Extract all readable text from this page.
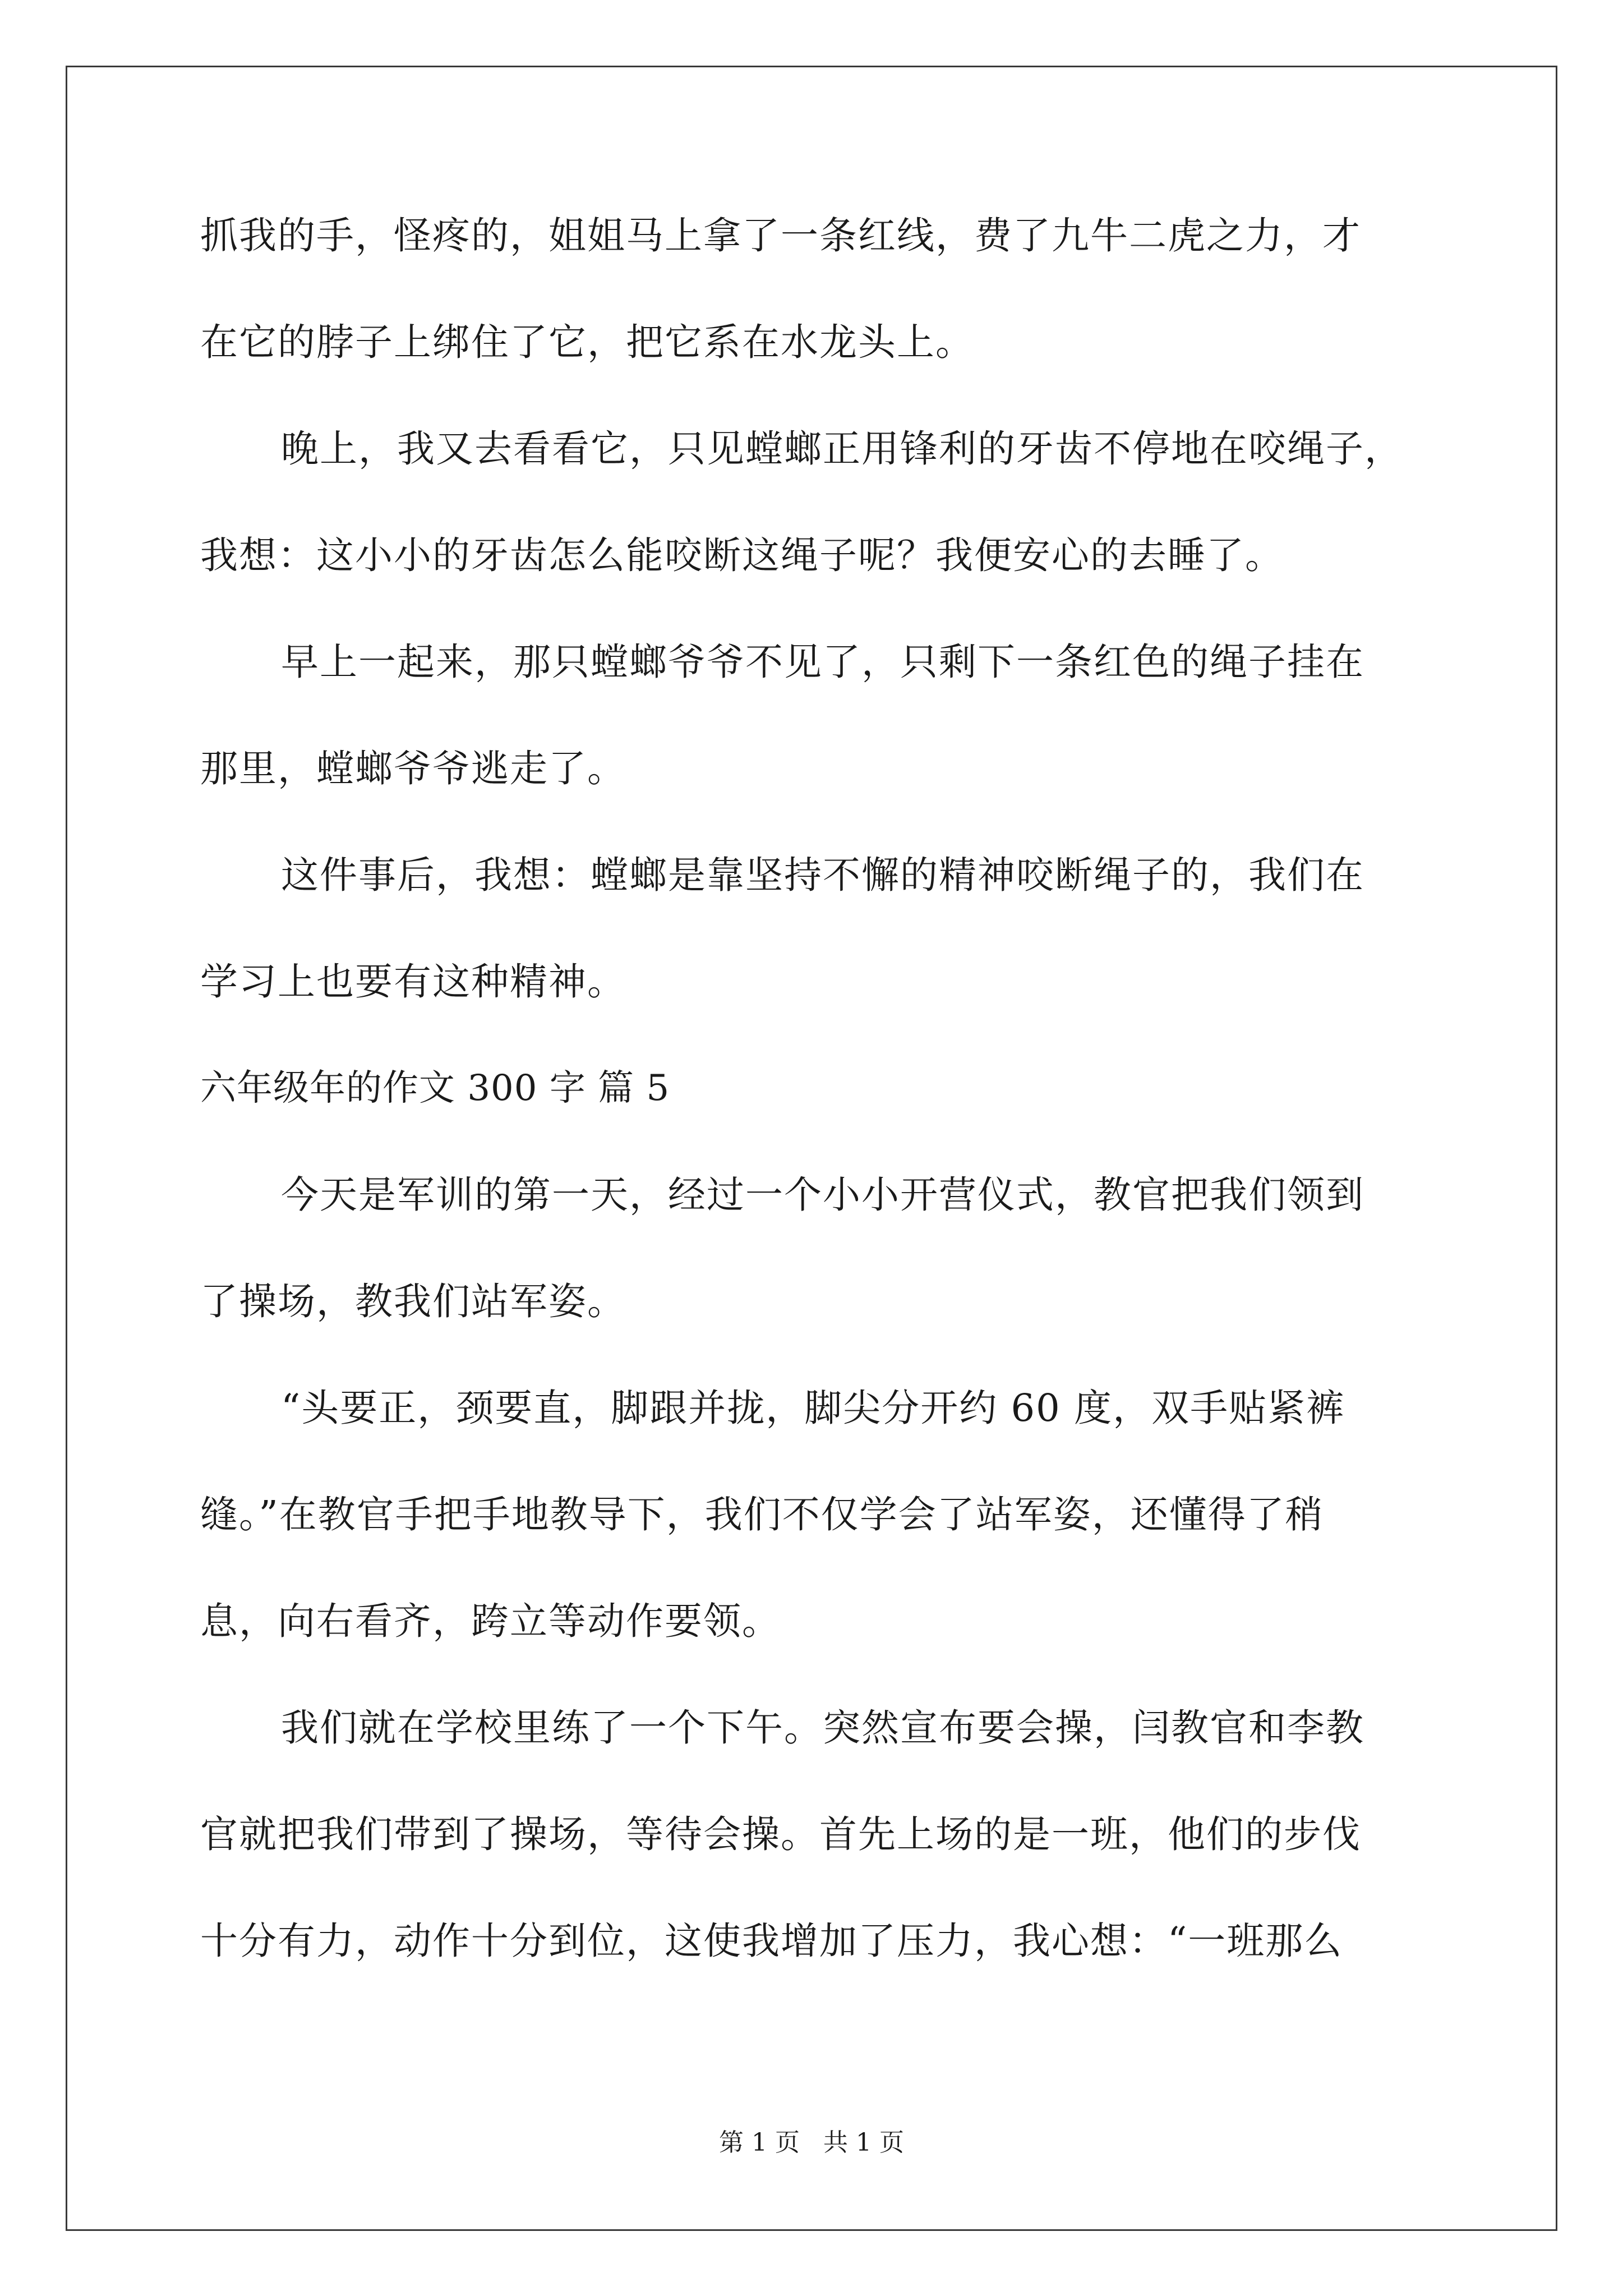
抓我的手，怪疼的，姐姐马上拿了一条红线，费了九牛二虎之力，才
在它的脖子上绑住了它，把它系在水龙头上。
晚上，我又去看看它，只见螳螂正用锋利的牙齿不停地在咬绳子，
我想：这小小的牙齿怎么能咬断这绳子呢？我便安心的去睡了。
早上一起来，那只螳螂爷爷不见了，只剩下一条红色的绳子挂在
那里，螳螂爷爷逃走了。
这件事后，我想：螳螂是靠坚持不懈的精神咬断绳子的，我们在
学习上也要有这种精神。
六年级年的作文 300 字 篇 5
今天是军训的第一天，经过一个小小开营仪式，教官把我们领到
了操场，教我们站军姿。
“头要正，颈要直，脚跟并拢，脚尖分开约 60 度，双手贴紧裤
缝。”在教官手把手地教导下，我们不仅学会了站军姿，还懂得了稍
息，向右看齐，跨立等动作要领。
我们就在学校里练了一个下午。突然宣布要会操，闫教官和李教
官就把我们带到了操场，等待会操。首先上场的是一班，他们的步伐
十分有力，动作十分到位，这使我增加了压力，我心想：“一班那么
第 1 页   共 1 页
